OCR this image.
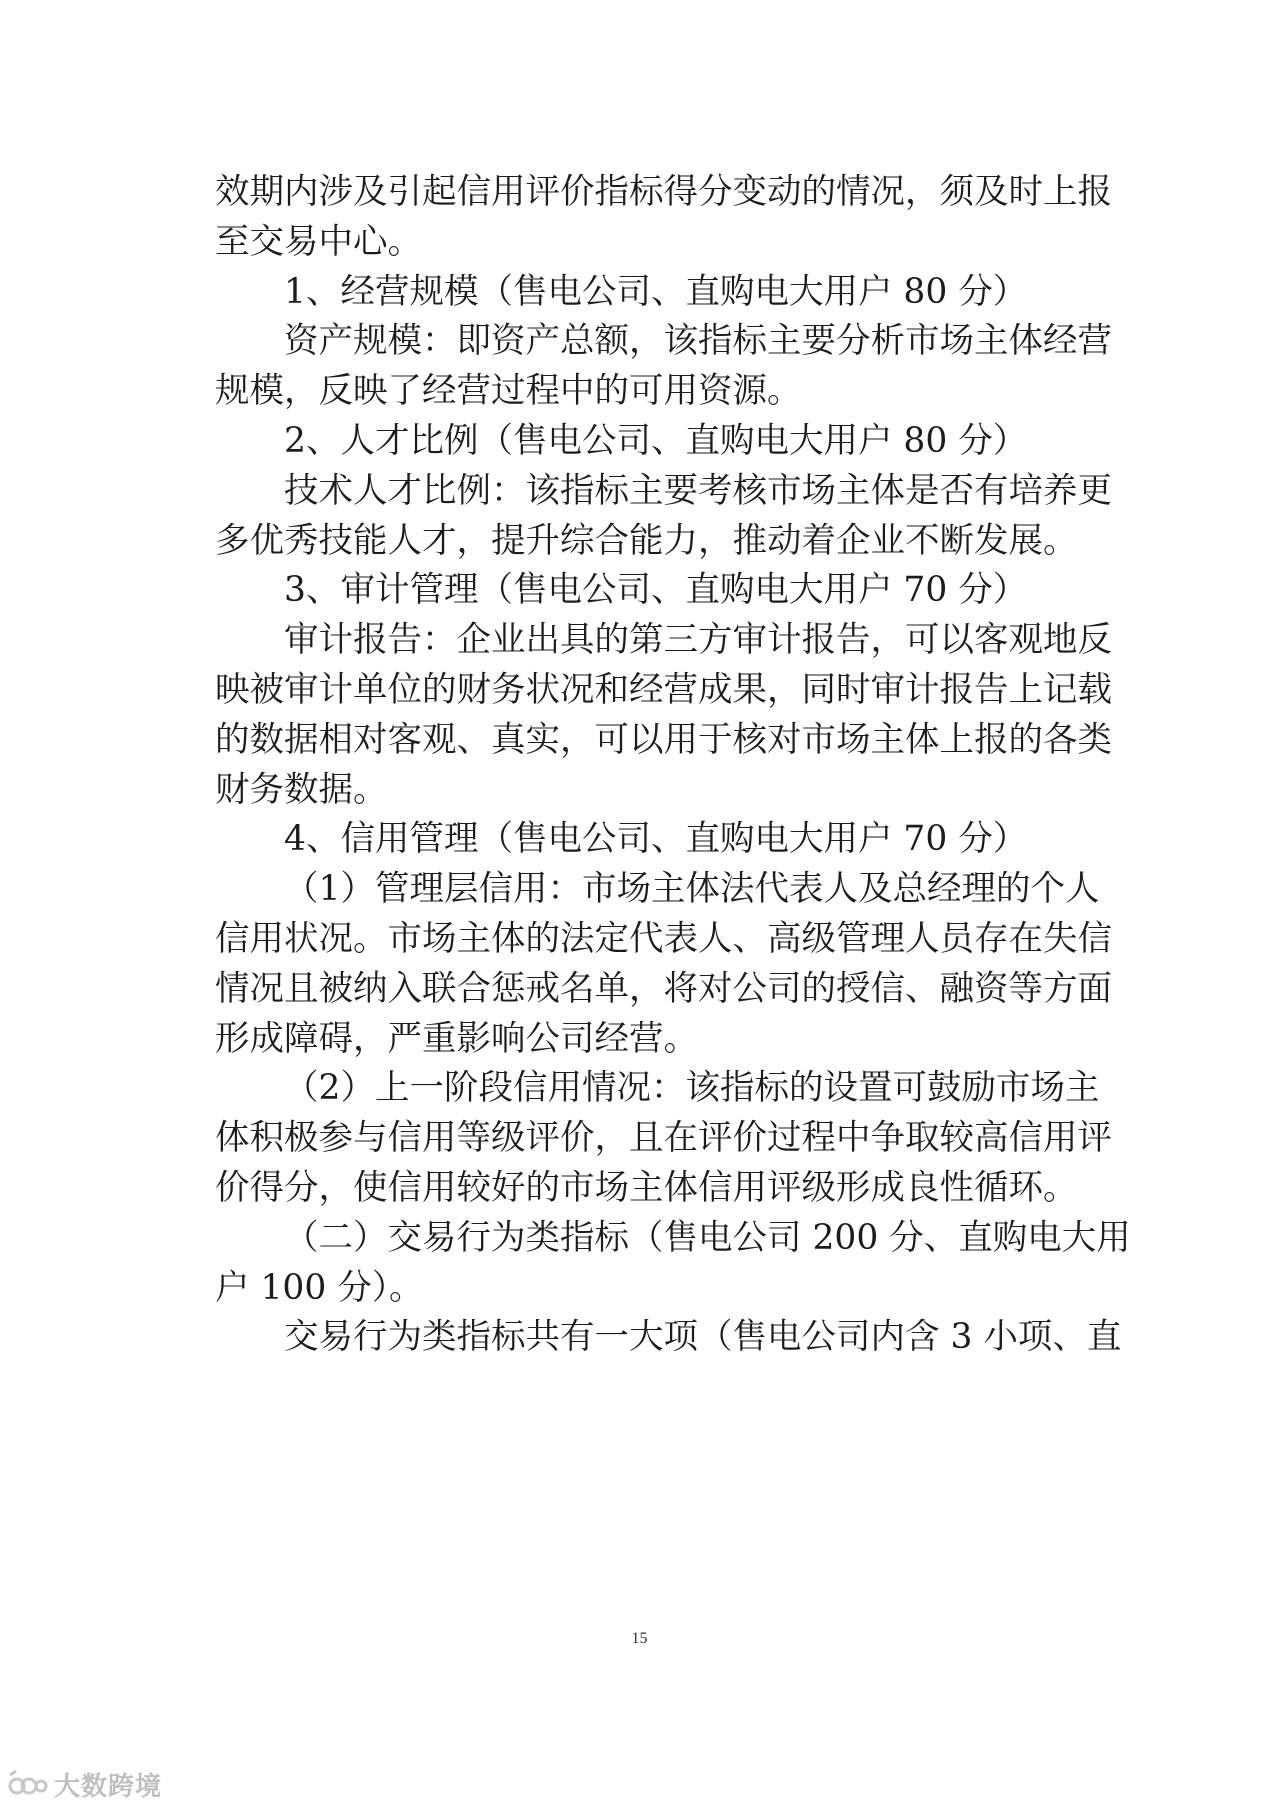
效期内涉及引起信用评价指标得分变动的情况，须及时上报
至交易中心。
1、经营规模（售电公司、直购电大用户 80 分）
资产规模：即资产总额，该指标主要分析市场主体经营
规模，反映了经营过程中的可用资源。
2、人才比例（售电公司、直购电大用户 80 分）
技术人才比例：该指标主要考核市场主体是否有培养更
多优秀技能人才，提升综合能力，推动着企业不断发展。
3、审计管理（售电公司、直购电大用户 70 分）
审计报告：企业出具的第三方审计报告，可以客观地反
映被审计单位的财务状况和经营成果，同时审计报告上记载
的数据相对客观、真实，可以用于核对市场主体上报的各类
财务数据。
4、信用管理（售电公司、直购电大用户 70 分）
（1）管理层信用：市场主体法代表人及总经理的个人
信用状况。市场主体的法定代表人、高级管理人员存在失信
情况且被纳入联合惩戒名单，将对公司的授信、融资等方面
形成障碍，严重影响公司经营。
（2）上一阶段信用情况：该指标的设置可鼓励市场主
体积极参与信用等级评价，且在评价过程中争取较高信用评
价得分，使信用较好的市场主体信用评级形成良性循环。
（二）交易行为类指标（售电公司 200 分、直购电大用
户 100 分）。
交易行为类指标共有一大项（售电公司内含 3 小项、直
15
大数跨境
